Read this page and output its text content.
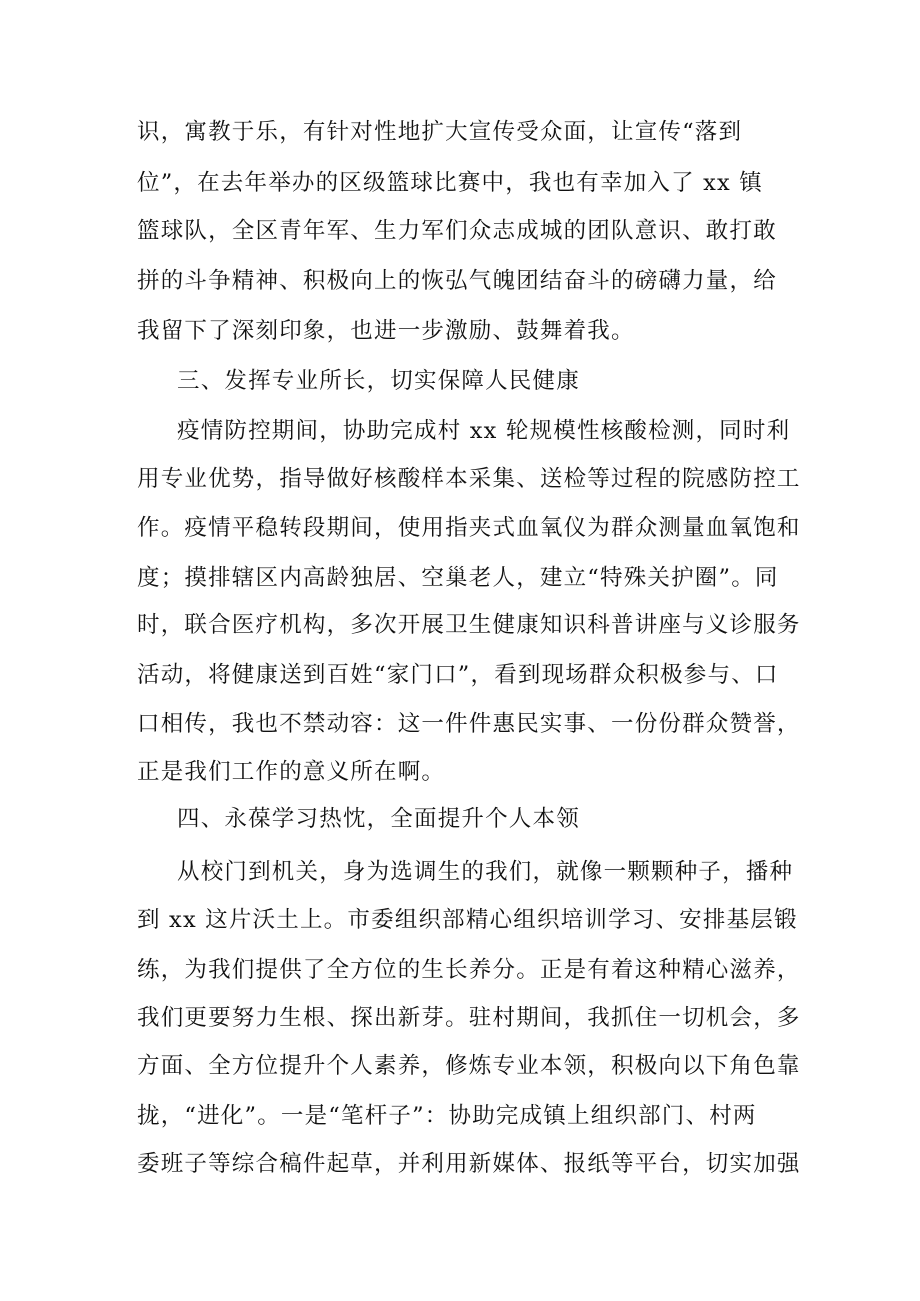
识，寓教于乐，有针对性地扩大宣传受众面，让宣传“落到
位”，在去年举办的区级篮球比赛中，我也有幸加入了 xx 镇
篮球队，全区青年军、生力军们众志成城的团队意识、敢打敢
拼的斗争精神、积极向上的恢弘气魄团结奋斗的磅礴力量，给
我留下了深刻印象，也进一步激励、鼓舞着我。
三、发挥专业所长，切实保障人民健康
疫情防控期间，协助完成村 xx 轮规模性核酸检测，同时利
用专业优势，指导做好核酸样本采集、送检等过程的院感防控工
作。疫情平稳转段期间，使用指夹式血氧仪为群众测量血氧饱和
度；摸排辖区内高龄独居、空巢老人，建立“特殊关护圈”。同
时，联合医疗机构，多次开展卫生健康知识科普讲座与义诊服务
活动，将健康送到百姓“家门口”，看到现场群众积极参与、口
口相传，我也不禁动容：这一件件惠民实事、一份份群众赞誉，
正是我们工作的意义所在啊。
四、永葆学习热忱，全面提升个人本领
从校门到机关，身为选调生的我们，就像一颗颗种子，播种
到 xx 这片沃土上。市委组织部精心组织培训学习、安排基层锻
练，为我们提供了全方位的生长养分。正是有着这种精心滋养，
我们更要努力生根、探出新芽。驻村期间，我抓住一切机会，多
方面、全方位提升个人素养，修炼专业本领，积极向以下角色靠
拢，“进化”。一是“笔杆子”：协助完成镇上组织部门、村两
委班子等综合稿件起草，并利用新媒体、报纸等平台，切实加强
